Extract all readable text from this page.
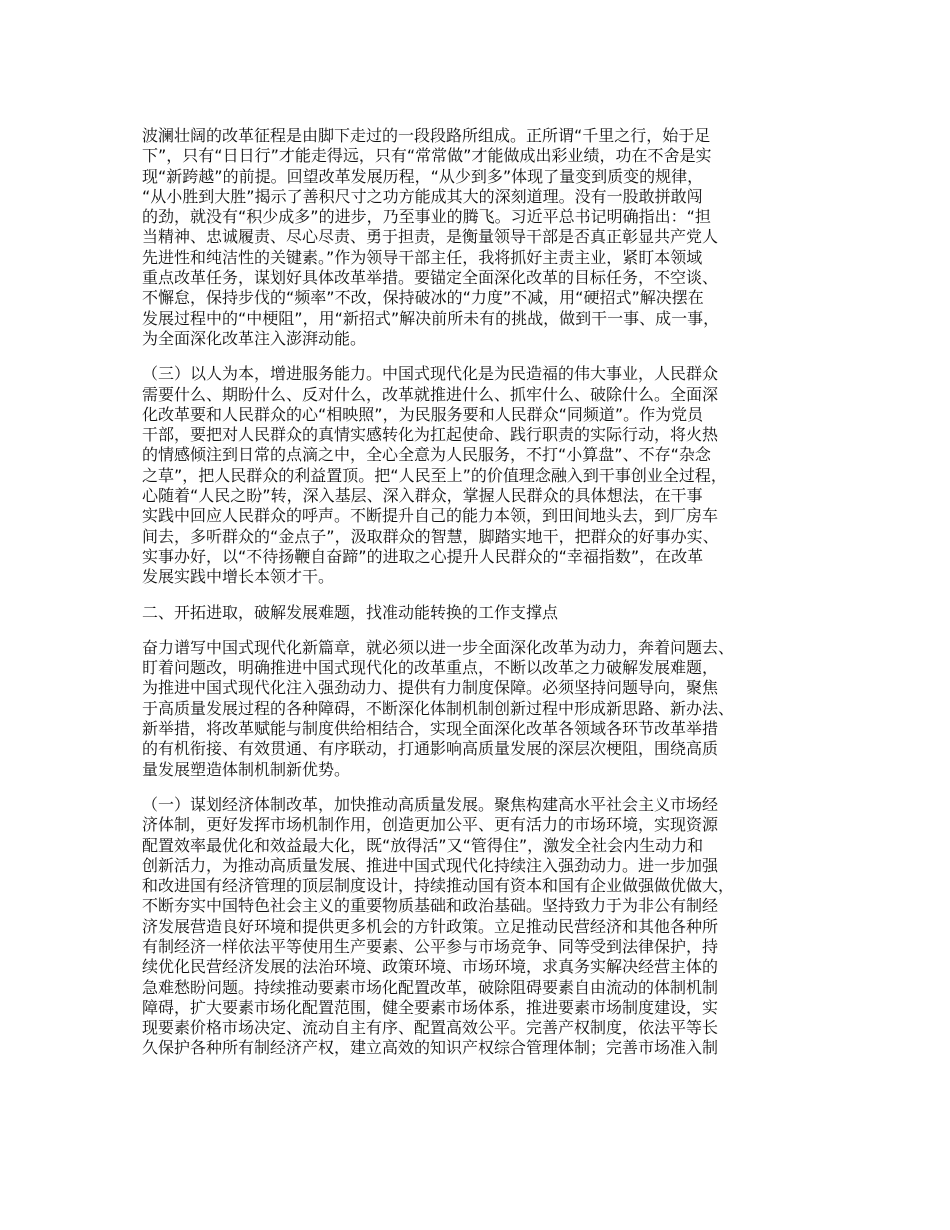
波澜壮阔的改革征程是由脚下走过的一段段路所组成。正所谓“千里之行，始于足
下”，只有“日日行”才能走得远，只有“常常做”才能做成出彩业绩，功在不舍是实
现“新跨越”的前提。回望改革发展历程，“从少到多”体现了量变到质变的规律，
“从小胜到大胜”揭示了善积尺寸之功方能成其大的深刻道理。没有一股敢拼敢闯
的劲，就没有“积少成多”的进步，乃至事业的腾飞。习近平总书记明确指出：“担
当精神、忠诚履责、尽心尽责、勇于担责，是衡量领导干部是否真正彰显共产党人
先进性和纯洁性的关键素。”作为领导干部主任，我将抓好主责主业，紧盯本领域
重点改革任务，谋划好具体改革举措。要锚定全面深化改革的目标任务，不空谈、
不懈怠，保持步伐的“频率”不改，保持破冰的“力度”不减，用“硬招式”解决摆在
发展过程中的“中梗阻”，用“新招式”解决前所未有的挑战，做到干一事、成一事，
为全面深化改革注入澎湃动能。
（三）以人为本，增进服务能力。中国式现代化是为民造福的伟大事业，人民群众
需要什么、期盼什么、反对什么，改革就推进什么、抓牢什么、破除什么。全面深
化改革要和人民群众的心“相映照”，为民服务要和人民群众“同频道”。作为党员
干部，要把对人民群众的真情实感转化为扛起使命、践行职责的实际行动，将火热
的情感倾注到日常的点滴之中，全心全意为人民服务，不打“小算盘”、不存“杂念
之草”，把人民群众的利益置顶。把“人民至上”的价值理念融入到干事创业全过程，
心随着“人民之盼”转，深入基层、深入群众，掌握人民群众的具体想法，在干事
实践中回应人民群众的呼声。不断提升自己的能力本领，到田间地头去，到厂房车
间去，多听群众的“金点子”，汲取群众的智慧，脚踏实地干，把群众的好事办实、
实事办好，以“不待扬鞭自奋蹄”的进取之心提升人民群众的“幸福指数”，在改革
发展实践中增长本领才干。
二、开拓进取，破解发展难题，找准动能转换的工作支撑点
奋力谱写中国式现代化新篇章，就必须以进一步全面深化改革为动力，奔着问题去、
盯着问题改，明确推进中国式现代化的改革重点，不断以改革之力破解发展难题，
为推进中国式现代化注入强劲动力、提供有力制度保障。必须坚持问题导向，聚焦
于高质量发展过程的各种障碍，不断深化体制机制创新过程中形成新思路、新办法、
新举措，将改革赋能与制度供给相结合，实现全面深化改革各领域各环节改革举措
的有机衔接、有效贯通、有序联动，打通影响高质量发展的深层次梗阻，围绕高质
量发展塑造体制机制新优势。
（一）谋划经济体制改革，加快推动高质量发展。聚焦构建高水平社会主义市场经
济体制，更好发挥市场机制作用，创造更加公平、更有活力的市场环境，实现资源
配置效率最优化和效益最大化，既“放得活”又“管得住”，激发全社会内生动力和
创新活力，为推动高质量发展、推进中国式现代化持续注入强劲动力。进一步加强
和改进国有经济管理的顶层制度设计，持续推动国有资本和国有企业做强做优做大，
不断夯实中国特色社会主义的重要物质基础和政治基础。坚持致力于为非公有制经
济发展营造良好环境和提供更多机会的方针政策。立足推动民营经济和其他各种所
有制经济一样依法平等使用生产要素、公平参与市场竞争、同等受到法律保护，持
续优化民营经济发展的法治环境、政策环境、市场环境，求真务实解决经营主体的
急难愁盼问题。持续推动要素市场化配置改革，破除阻碍要素自由流动的体制机制
障碍，扩大要素市场化配置范围，健全要素市场体系，推进要素市场制度建设，实
现要素价格市场决定、流动自主有序、配置高效公平。完善产权制度，依法平等长
久保护各种所有制经济产权，建立高效的知识产权综合管理体制；完善市场准入制
